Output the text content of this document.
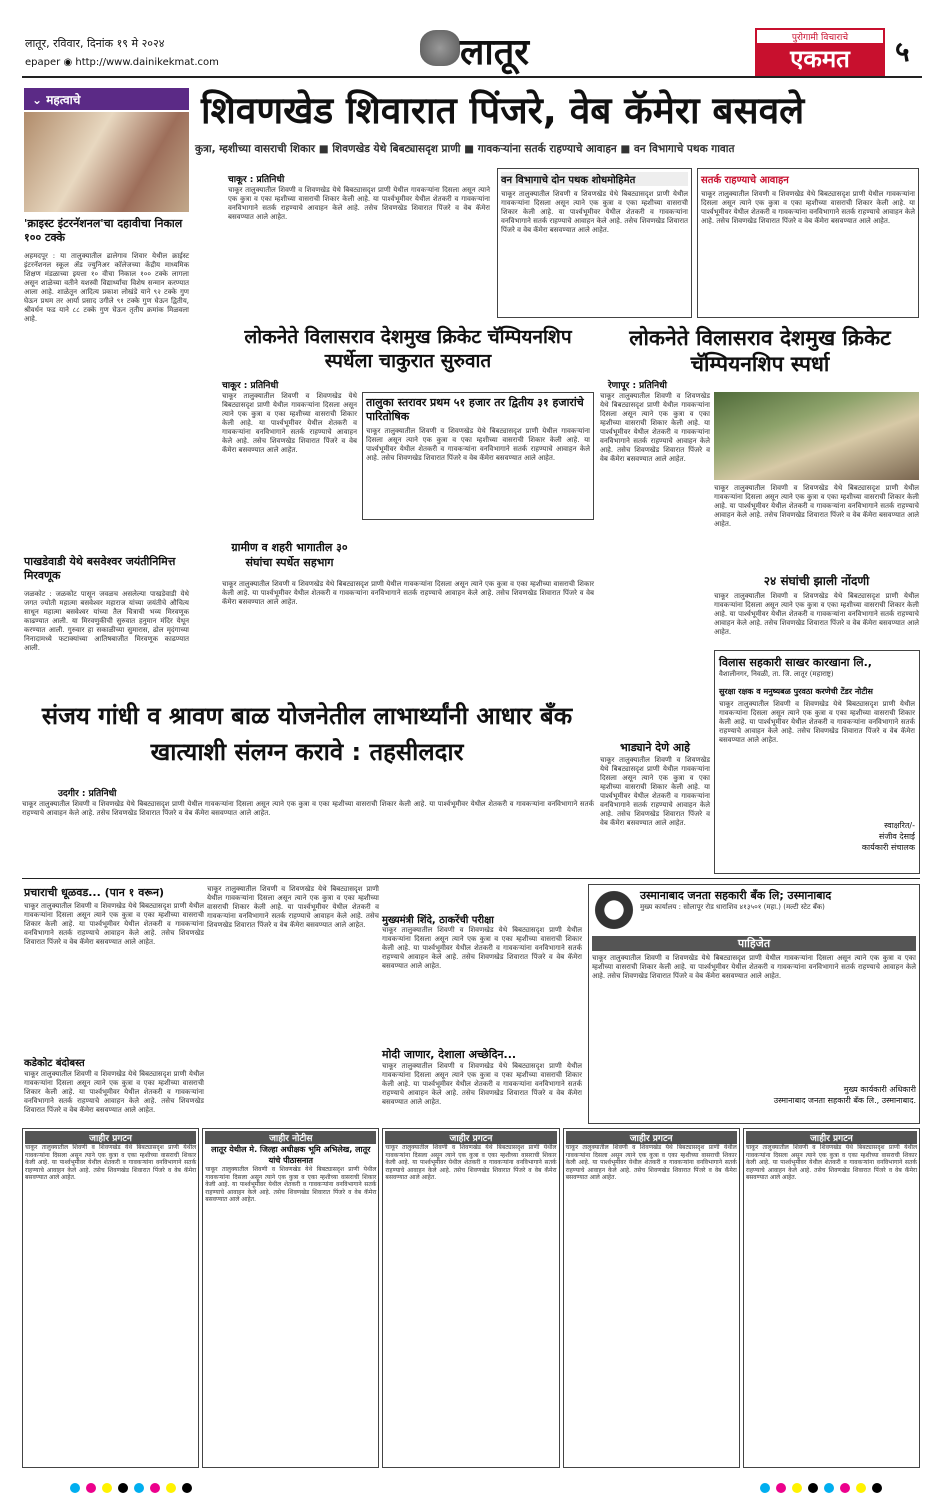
लातूर, रविवार, दिनांक १९ मे २०२४
epaper ◉ http://www.dainikekmat.com	लातूर	पुरोगामी विचाराचे
एकमत	५
⌄ महत्वाचे
'क्राइस्ट इंटरनॅशनल'चा दहावीचा निकाल १०० टक्के
अहमदपूर : या तालुक्यातील ढालेगाव शिवार येथील क्राईस्ट इंटरनॅशनल स्कूल ॲड ज्युनिअर कॉलेजच्या केंद्रीय माध्यमिक शिक्षण मंडळाच्या इयत्ता १० वीचा निकाल १०० टक्के लागला असून शाळेच्या वतीने यशस्वी विद्यार्थ्यांचा विशेष सन्मान करण्यात आला आहे. शाळेतून आदित्य प्रकाश लोखंडे याने ९२ टक्के गुण घेऊन प्रथम तर आर्या प्रसाद उगीले ९१ टक्के गुण घेऊन द्वितीय, श्रीवर्धन फड याने ८८ टक्के गुण घेऊन तृतीय क्रमांक मिळवला आहे.
पाखडेवाडी येथे बसवेश्वर जयंतीनिमित्त मिरवणूक
जळकोट : जळकोट पासून जवळच असलेल्या पाखडेवाडी येथे जगत ज्योती महात्मा बसवेश्वर महाराज यांच्या जयंतीचे औचित्य साधून महात्मा बसवेश्वर यांच्या तैल चित्राची भव्य मिरवणूक काढण्यात आली. या मिरवणुकीची सुरुवात हनुमान मंदिर येथून करण्यात आली. गुरुवार हा सकाळीच्या सुमारास, ढोल मृदंगाच्या निनादामध्ये फटाक्यांच्या आतिषबाजीत मिरवणूक काढण्यात आली.
शिवणखेड शिवारात पिंजरे, वेब कॅमेरा बसवले
कुत्रा, म्हशीच्या वासराची शिकार ■ शिवणखेड येथे बिबट्यासदृश प्राणी ■ गावकऱ्यांना सतर्क राहण्याचे आवाहन ■ वन विभागाचे पथक गावात
चाकूर : प्रतिनिधी
चाकूर तालुक्यातील शिवणी व शिवणखेड येथे बिबट्यासदृश प्राणी येथील गावकऱ्यांना दिसला असून त्याने एक कुत्रा व एका म्हशीच्या वासराची शिकार केली आहे. या पार्श्वभूमीवर येथील शेतकरी व गावकऱ्यांना वनविभागाने सतर्क राहण्याचे आवाहन केले आहे. तसेच शिवणखेड शिवारात पिंजरे व वेब कॅमेरा बसवण्यात आले आहेत.
वन विभागाचे दोन पथक शोधमोहिमेत
चाकूर तालुक्यातील शिवणी व शिवणखेड येथे बिबट्यासदृश प्राणी येथील गावकऱ्यांना दिसला असून त्याने एक कुत्रा व एका म्हशीच्या वासराची शिकार केली आहे. या पार्श्वभूमीवर येथील शेतकरी व गावकऱ्यांना वनविभागाने सतर्क राहण्याचे आवाहन केले आहे. तसेच शिवणखेड शिवारात पिंजरे व वेब कॅमेरा बसवण्यात आले आहेत.
सतर्क राहण्याचे आवाहन
चाकूर तालुक्यातील शिवणी व शिवणखेड येथे बिबट्यासदृश प्राणी येथील गावकऱ्यांना दिसला असून त्याने एक कुत्रा व एका म्हशीच्या वासराची शिकार केली आहे. या पार्श्वभूमीवर येथील शेतकरी व गावकऱ्यांना वनविभागाने सतर्क राहण्याचे आवाहन केले आहे. तसेच शिवणखेड शिवारात पिंजरे व वेब कॅमेरा बसवण्यात आले आहेत.
लोकनेते विलासराव देशमुख क्रिकेट चॅम्पियनशिप स्पर्धेला चाकुरात सुरुवात
चाकूर : प्रतिनिधी
चाकूर तालुक्यातील शिवणी व शिवणखेड येथे बिबट्यासदृश प्राणी येथील गावकऱ्यांना दिसला असून त्याने एक कुत्रा व एका म्हशीच्या वासराची शिकार केली आहे. या पार्श्वभूमीवर येथील शेतकरी व गावकऱ्यांना वनविभागाने सतर्क राहण्याचे आवाहन केले आहे. तसेच शिवणखेड शिवारात पिंजरे व वेब कॅमेरा बसवण्यात आले आहेत.
तालुका स्तरावर प्रथम ५१ हजार तर द्वितीय ३१ हजारांचे पारितोषिक
चाकूर तालुक्यातील शिवणी व शिवणखेड येथे बिबट्यासदृश प्राणी येथील गावकऱ्यांना दिसला असून त्याने एक कुत्रा व एका म्हशीच्या वासराची शिकार केली आहे. या पार्श्वभूमीवर येथील शेतकरी व गावकऱ्यांना वनविभागाने सतर्क राहण्याचे आवाहन केले आहे. तसेच शिवणखेड शिवारात पिंजरे व वेब कॅमेरा बसवण्यात आले आहेत.
ग्रामीण व शहरी भागातील ३० संघांचा स्पर्धेत सहभाग
चाकूर तालुक्यातील शिवणी व शिवणखेड येथे बिबट्यासदृश प्राणी येथील गावकऱ्यांना दिसला असून त्याने एक कुत्रा व एका म्हशीच्या वासराची शिकार केली आहे. या पार्श्वभूमीवर येथील शेतकरी व गावकऱ्यांना वनविभागाने सतर्क राहण्याचे आवाहन केले आहे. तसेच शिवणखेड शिवारात पिंजरे व वेब कॅमेरा बसवण्यात आले आहेत.
लोकनेते विलासराव देशमुख क्रिकेट चॅम्पियनशिप स्पर्धा
रेणापूर : प्रतिनिधी
चाकूर तालुक्यातील शिवणी व शिवणखेड येथे बिबट्यासदृश प्राणी येथील गावकऱ्यांना दिसला असून त्याने एक कुत्रा व एका म्हशीच्या वासराची शिकार केली आहे. या पार्श्वभूमीवर येथील शेतकरी व गावकऱ्यांना वनविभागाने सतर्क राहण्याचे आवाहन केले आहे. तसेच शिवणखेड शिवारात पिंजरे व वेब कॅमेरा बसवण्यात आले आहेत.
चाकूर तालुक्यातील शिवणी व शिवणखेड येथे बिबट्यासदृश प्राणी येथील गावकऱ्यांना दिसला असून त्याने एक कुत्रा व एका म्हशीच्या वासराची शिकार केली आहे. या पार्श्वभूमीवर येथील शेतकरी व गावकऱ्यांना वनविभागाने सतर्क राहण्याचे आवाहन केले आहे. तसेच शिवणखेड शिवारात पिंजरे व वेब कॅमेरा बसवण्यात आले आहेत.
२४ संघांची झाली नोंदणी
चाकूर तालुक्यातील शिवणी व शिवणखेड येथे बिबट्यासदृश प्राणी येथील गावकऱ्यांना दिसला असून त्याने एक कुत्रा व एका म्हशीच्या वासराची शिकार केली आहे. या पार्श्वभूमीवर येथील शेतकरी व गावकऱ्यांना वनविभागाने सतर्क राहण्याचे आवाहन केले आहे. तसेच शिवणखेड शिवारात पिंजरे व वेब कॅमेरा बसवण्यात आले आहेत.
संजय गांधी व श्रावण बाळ योजनेतील लाभार्थ्यांनी आधार बँक खात्याशी संलग्न करावे : तहसीलदार
उदगीर : प्रतिनिधी
चाकूर तालुक्यातील शिवणी व शिवणखेड येथे बिबट्यासदृश प्राणी येथील गावकऱ्यांना दिसला असून त्याने एक कुत्रा व एका म्हशीच्या वासराची शिकार केली आहे. या पार्श्वभूमीवर येथील शेतकरी व गावकऱ्यांना वनविभागाने सतर्क राहण्याचे आवाहन केले आहे. तसेच शिवणखेड शिवारात पिंजरे व वेब कॅमेरा बसवण्यात आले आहेत.
भाड्याने देणे आहे
चाकूर तालुक्यातील शिवणी व शिवणखेड येथे बिबट्यासदृश प्राणी येथील गावकऱ्यांना दिसला असून त्याने एक कुत्रा व एका म्हशीच्या वासराची शिकार केली आहे. या पार्श्वभूमीवर येथील शेतकरी व गावकऱ्यांना वनविभागाने सतर्क राहण्याचे आवाहन केले आहे. तसेच शिवणखेड शिवारात पिंजरे व वेब कॅमेरा बसवण्यात आले आहेत.
विलास सहकारी साखर कारखाना लि.,
वैशालीनगर, निवळी, ता. जि. लातूर (महाराष्ट्र)
सुरक्षा रक्षक व मनुष्यबळ पुरवठा करणेची टेंडर नोटीस
चाकूर तालुक्यातील शिवणी व शिवणखेड येथे बिबट्यासदृश प्राणी येथील गावकऱ्यांना दिसला असून त्याने एक कुत्रा व एका म्हशीच्या वासराची शिकार केली आहे. या पार्श्वभूमीवर येथील शेतकरी व गावकऱ्यांना वनविभागाने सतर्क राहण्याचे आवाहन केले आहे. तसेच शिवणखेड शिवारात पिंजरे व वेब कॅमेरा बसवण्यात आले आहेत.
स्वाक्षरित/-
संजीव देसाई
कार्यकारी संचालक
प्रचाराची धूळवड... (पान १ वरून)
चाकूर तालुक्यातील शिवणी व शिवणखेड येथे बिबट्यासदृश प्राणी येथील गावकऱ्यांना दिसला असून त्याने एक कुत्रा व एका म्हशीच्या वासराची शिकार केली आहे. या पार्श्वभूमीवर येथील शेतकरी व गावकऱ्यांना वनविभागाने सतर्क राहण्याचे आवाहन केले आहे. तसेच शिवणखेड शिवारात पिंजरे व वेब कॅमेरा बसवण्यात आले आहेत.
कडेकोट बंदोबस्त
चाकूर तालुक्यातील शिवणी व शिवणखेड येथे बिबट्यासदृश प्राणी येथील गावकऱ्यांना दिसला असून त्याने एक कुत्रा व एका म्हशीच्या वासराची शिकार केली आहे. या पार्श्वभूमीवर येथील शेतकरी व गावकऱ्यांना वनविभागाने सतर्क राहण्याचे आवाहन केले आहे. तसेच शिवणखेड शिवारात पिंजरे व वेब कॅमेरा बसवण्यात आले आहेत.
चाकूर तालुक्यातील शिवणी व शिवणखेड येथे बिबट्यासदृश प्राणी येथील गावकऱ्यांना दिसला असून त्याने एक कुत्रा व एका म्हशीच्या वासराची शिकार केली आहे. या पार्श्वभूमीवर येथील शेतकरी व गावकऱ्यांना वनविभागाने सतर्क राहण्याचे आवाहन केले आहे. तसेच शिवणखेड शिवारात पिंजरे व वेब कॅमेरा बसवण्यात आले आहेत.	मुख्यमंत्री शिंदे, ठाकरेंची परीक्षा
चाकूर तालुक्यातील शिवणी व शिवणखेड येथे बिबट्यासदृश प्राणी येथील गावकऱ्यांना दिसला असून त्याने एक कुत्रा व एका म्हशीच्या वासराची शिकार केली आहे. या पार्श्वभूमीवर येथील शेतकरी व गावकऱ्यांना वनविभागाने सतर्क राहण्याचे आवाहन केले आहे. तसेच शिवणखेड शिवारात पिंजरे व वेब कॅमेरा बसवण्यात आले आहेत.
मोदी जाणार, देशाला अच्छेदिन...
चाकूर तालुक्यातील शिवणी व शिवणखेड येथे बिबट्यासदृश प्राणी येथील गावकऱ्यांना दिसला असून त्याने एक कुत्रा व एका म्हशीच्या वासराची शिकार केली आहे. या पार्श्वभूमीवर येथील शेतकरी व गावकऱ्यांना वनविभागाने सतर्क राहण्याचे आवाहन केले आहे. तसेच शिवणखेड शिवारात पिंजरे व वेब कॅमेरा बसवण्यात आले आहेत.
उस्मानाबाद जनता सहकारी बँक लि; उस्मानाबाद
मुख्य कार्यालय : सोलापूर रोड धाराशिव ४१३५०१ (महा.) (मल्टी स्टेट बँक)
पाहिजेत
चाकूर तालुक्यातील शिवणी व शिवणखेड येथे बिबट्यासदृश प्राणी येथील गावकऱ्यांना दिसला असून त्याने एक कुत्रा व एका म्हशीच्या वासराची शिकार केली आहे. या पार्श्वभूमीवर येथील शेतकरी व गावकऱ्यांना वनविभागाने सतर्क राहण्याचे आवाहन केले आहे. तसेच शिवणखेड शिवारात पिंजरे व वेब कॅमेरा बसवण्यात आले आहेत.
मुख्य कार्यकारी अधिकारी
उस्मानाबाद जनता सहकारी बँक लि., उस्मानाबाद.
जाहीर प्रगटन
चाकूर तालुक्यातील शिवणी व शिवणखेड येथे बिबट्यासदृश प्राणी येथील गावकऱ्यांना दिसला असून त्याने एक कुत्रा व एका म्हशीच्या वासराची शिकार केली आहे. या पार्श्वभूमीवर येथील शेतकरी व गावकऱ्यांना वनविभागाने सतर्क राहण्याचे आवाहन केले आहे. तसेच शिवणखेड शिवारात पिंजरे व वेब कॅमेरा बसवण्यात आले आहेत.
जाहीर नोटीस
लातूर येथील मे. जिल्हा अधीक्षक भूमि अभिलेख, लातूर यांचे पीठासनात
चाकूर तालुक्यातील शिवणी व शिवणखेड येथे बिबट्यासदृश प्राणी येथील गावकऱ्यांना दिसला असून त्याने एक कुत्रा व एका म्हशीच्या वासराची शिकार केली आहे. या पार्श्वभूमीवर येथील शेतकरी व गावकऱ्यांना वनविभागाने सतर्क राहण्याचे आवाहन केले आहे. तसेच शिवणखेड शिवारात पिंजरे व वेब कॅमेरा बसवण्यात आले आहेत.
जाहीर प्रगटन
चाकूर तालुक्यातील शिवणी व शिवणखेड येथे बिबट्यासदृश प्राणी येथील गावकऱ्यांना दिसला असून त्याने एक कुत्रा व एका म्हशीच्या वासराची शिकार केली आहे. या पार्श्वभूमीवर येथील शेतकरी व गावकऱ्यांना वनविभागाने सतर्क राहण्याचे आवाहन केले आहे. तसेच शिवणखेड शिवारात पिंजरे व वेब कॅमेरा बसवण्यात आले आहेत.
जाहीर प्रगटन
चाकूर तालुक्यातील शिवणी व शिवणखेड येथे बिबट्यासदृश प्राणी येथील गावकऱ्यांना दिसला असून त्याने एक कुत्रा व एका म्हशीच्या वासराची शिकार केली आहे. या पार्श्वभूमीवर येथील शेतकरी व गावकऱ्यांना वनविभागाने सतर्क राहण्याचे आवाहन केले आहे. तसेच शिवणखेड शिवारात पिंजरे व वेब कॅमेरा बसवण्यात आले आहेत.
जाहीर प्रगटन
चाकूर तालुक्यातील शिवणी व शिवणखेड येथे बिबट्यासदृश प्राणी येथील गावकऱ्यांना दिसला असून त्याने एक कुत्रा व एका म्हशीच्या वासराची शिकार केली आहे. या पार्श्वभूमीवर येथील शेतकरी व गावकऱ्यांना वनविभागाने सतर्क राहण्याचे आवाहन केले आहे. तसेच शिवणखेड शिवारात पिंजरे व वेब कॅमेरा बसवण्यात आले आहेत.
